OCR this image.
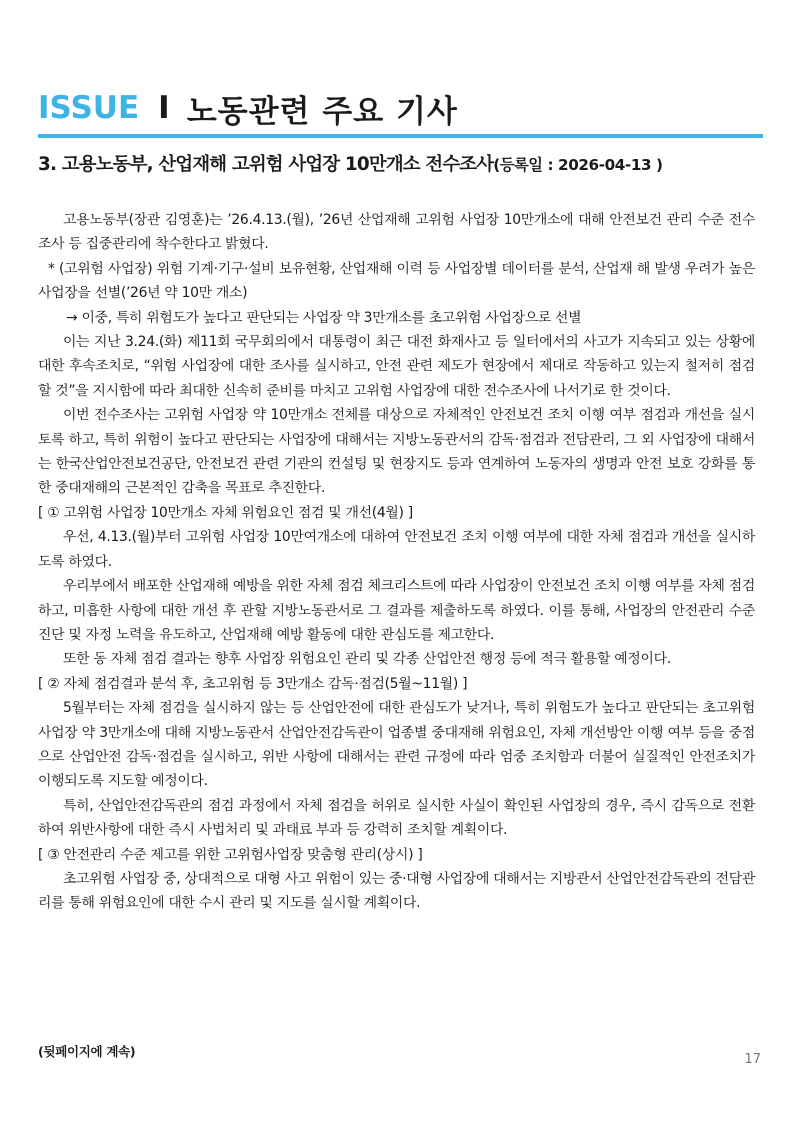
ISSUE I 노동관련 주요 기사
3. 고용노동부, 산업재해 고위험 사업장 10만개소 전수조사(등록일 : 2026-04-13 )

고용노동부(장관 김영훈)는 ’26.4.13.(월), ’26년 산업재해 고위험 사업장 10만개소에 대해 안전보건 관리 수준 전수조사 등 집중관리에 착수한다고 밝혔다.

* (고위험 사업장) 위험 기계·기구·설비 보유현황, 산업재해 이력 등 사업장별 데이터를 분석, 산업재 해 발생 우려가 높은 사업장을 선별(’26년 약 10만 개소)

→ 이중, 특히 위험도가 높다고 판단되는 사업장 약 3만개소를 초고위험 사업장으로 선별

이는 지난 3.24.(화) 제11회 국무회의에서 대통령이 최근 대전 화재사고 등 일터에서의 사고가 지속되고 있는 상황에 대한 후속조치로, “위험 사업장에 대한 조사를 실시하고, 안전 관련 제도가 현장에서 제대로 작동하고 있는지 철저히 점검할 것”을 지시함에 따라 최대한 신속히 준비를 마치고 고위험 사업장에 대한 전수조사에 나서기로 한 것이다.

이번 전수조사는 고위험 사업장 약 10만개소 전체를 대상으로 자체적인 안전보건 조치 이행 여부 점검과 개선을 실시토록 하고, 특히 위험이 높다고 판단되는 사업장에 대해서는 지방노동관서의 감독·점검과 전담관리, 그 외 사업장에 대해서는 한국산업안전보건공단, 안전보건 관련 기관의 컨설팅 및 현장지도 등과 연계하여 노동자의 생명과 안전 보호 강화를 통한 중대재해의 근본적인 감축을 목표로 추진한다.

[ ① 고위험 사업장 10만개소 자체 위험요인 점검 및 개선(4월) ]

우선, 4.13.(월)부터 고위험 사업장 10만여개소에 대하여 안전보건 조치 이행 여부에 대한 자체 점검과 개선을 실시하도록 하였다.

우리부에서 배포한 산업재해 예방을 위한 자체 점검 체크리스트에 따라 사업장이 안전보건 조치 이행 여부를 자체 점검하고, 미흡한 사항에 대한 개선 후 관할 지방노동관서로 그 결과를 제출하도록 하였다. 이를 통해, 사업장의 안전관리 수준 진단 및 자정 노력을 유도하고, 산업재해 예방 활동에 대한 관심도를 제고한다.

또한 동 자체 점검 결과는 향후 사업장 위험요인 관리 및 각종 산업안전 행정 등에 적극 활용할 예정이다.

[ ② 자체 점검결과 분석 후, 초고위험 등 3만개소 감독·점검(5월~11월) ]

5월부터는 자체 점검을 실시하지 않는 등 산업안전에 대한 관심도가 낮거나, 특히 위험도가 높다고 판단되는 초고위험 사업장 약 3만개소에 대해 지방노동관서 산업안전감독관이 업종별 중대재해 위험요인, 자체 개선방안 이행 여부 등을 중점으로 산업안전 감독·점검을 실시하고, 위반 사항에 대해서는 관련 규정에 따라 엄중 조치함과 더불어 실질적인 안전조치가 이행되도록 지도할 예정이다.

특히, 산업안전감독관의 점검 과정에서 자체 점검을 허위로 실시한 사실이 확인된 사업장의 경우, 즉시 감독으로 전환하여 위반사항에 대한 즉시 사법처리 및 과태료 부과 등 강력히 조치할 계획이다.

[ ③ 안전관리 수준 제고를 위한 고위험사업장 맞춤형 관리(상시) ]

초고위험 사업장 중, 상대적으로 대형 사고 위험이 있는 중·대형 사업장에 대해서는 지방관서 산업안전감독관의 전담관리를 통해 위험요인에 대한 수시 관리 및 지도를 실시할 계획이다.

(뒷페이지에 계속)
17
